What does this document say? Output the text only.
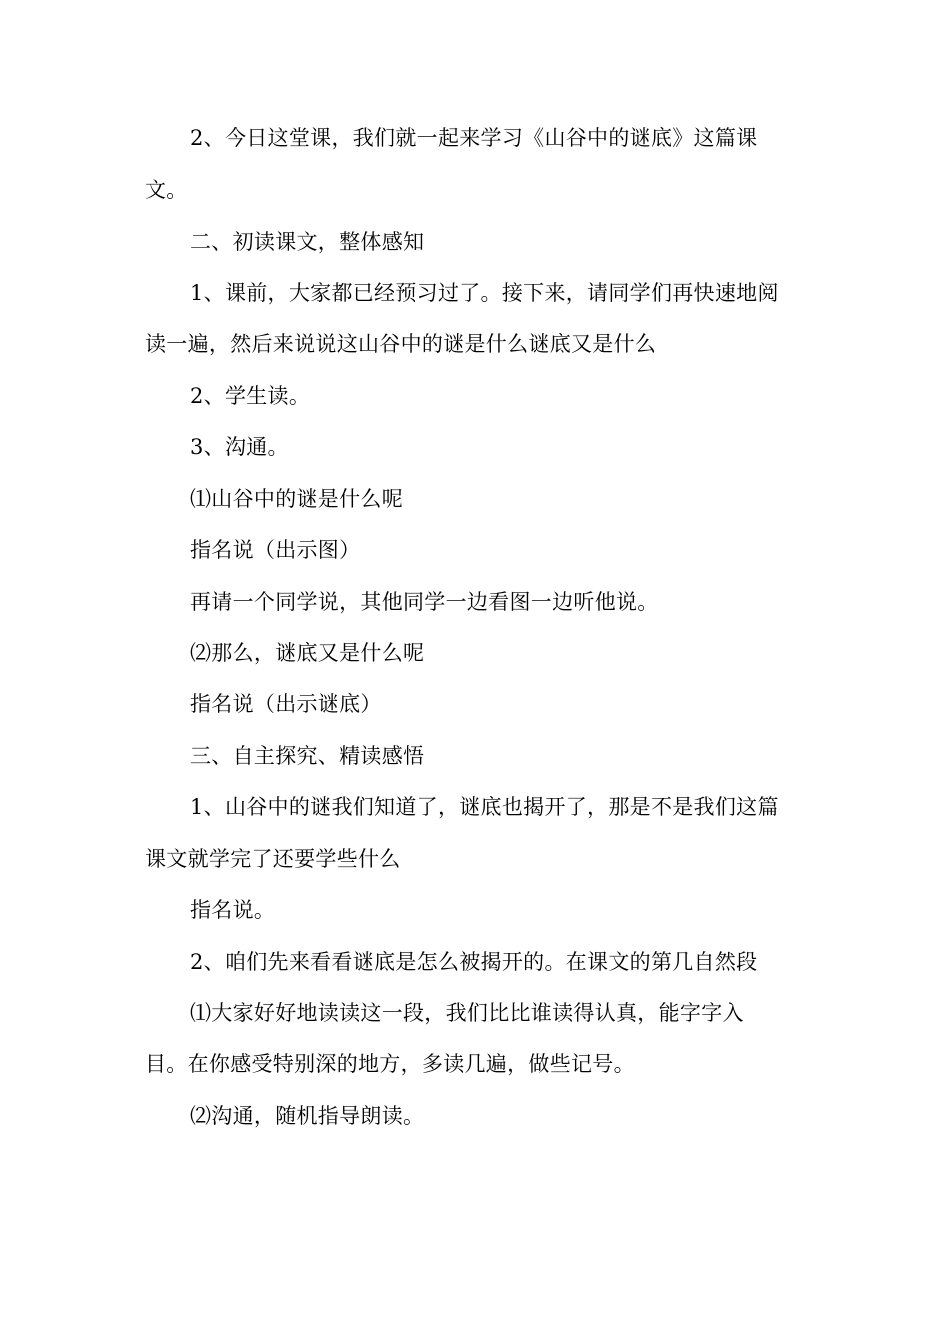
2、今日这堂课，我们就一起来学习《山谷中的谜底》这篇课
文。
二、初读课文，整体感知
1、课前，大家都已经预习过了。接下来，请同学们再快速地阅
读一遍，然后来说说这山谷中的谜是什么谜底又是什么
2、学生读。
3、沟通。
⑴山谷中的谜是什么呢
指名说（出示图）
再请一个同学说，其他同学一边看图一边听他说。
⑵那么，谜底又是什么呢
指名说（出示谜底）
三、自主探究、精读感悟
1、山谷中的谜我们知道了，谜底也揭开了，那是不是我们这篇
课文就学完了还要学些什么
指名说。
2、咱们先来看看谜底是怎么被揭开的。在课文的第几自然段
⑴大家好好地读读这一段，我们比比谁读得认真，能字字入
目。在你感受特别深的地方，多读几遍，做些记号。
⑵沟通，随机指导朗读。
